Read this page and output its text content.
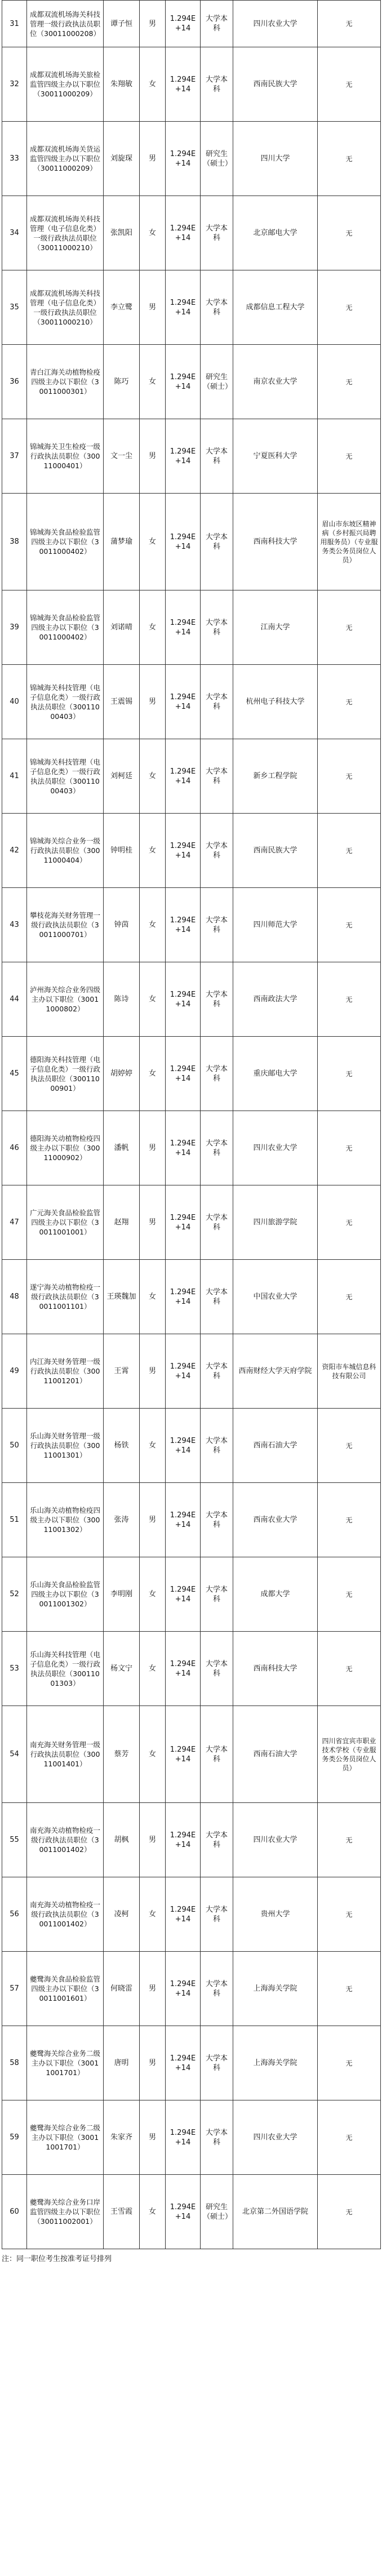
31	成都双流机场海关科技管理一级行政执法员职位（30011000208）	谭子恒	男	1.294E+14	大学本科	四川农业大学	无
32	成都双流机场海关旅检监管四级主办以下职位（30011000209）	朱翔敏	女	1.294E+14	大学本科	西南民族大学	无
33	成都双流机场海关货运监管四级主办以下职位（30011000209）	刘旋琛	男	1.294E+14	研究生（硕士）	四川大学	无
34	成都双流机场海关科技管理（电子信息化类）一级行政执法员职位（30011000210）	张凯阳	女	1.294E+14	大学本科	北京邮电大学	无
35	成都双流机场海关科技管理（电子信息化类）一级行政执法员职位（30011000210）	李立鹭	男	1.294E+14	大学本科	成都信息工程大学	无
36	青白江海关动植物检疫四级主办以下职位（30011000301）	陈巧	女	1.294E+14	研究生（硕士）	南京农业大学	无
37	锦城海关卫生检疫一级行政执法员职位（30011000401）	文一尘	男	1.294E+14	大学本科	宁夏医科大学	无
38	锦城海关食品检验监管四级主办以下职位（30011000402）	蒲梦瑜	女	1.294E+14	大学本科	西南科技大学	眉山市东坡区精神病（乡村振兴局聘用服务员）（专业服务类公务员岗位人员）
39	锦城海关食品检验监管四级主办以下职位（30011000402）	刘诺晴	女	1.294E+14	大学本科	江南大学	无
40	锦城海关科技管理（电子信息化类）一级行政执法员职位（30011000403）	王震锡	男	1.294E+14	大学本科	杭州电子科技大学	无
41	锦城海关科技管理（电子信息化类）一级行政执法员职位（30011000403）	刘柯廷	女	1.294E+14	大学本科	新乡工程学院	无
42	锦城海关综合业务一级行政执法员职位（30011000404）	钟明桂	女	1.294E+14	大学本科	西南民族大学	无
43	攀枝花海关财务管理一级行政执法员职位（30011000701）	钟茵	女	1.294E+14	大学本科	四川师范大学	无
44	泸州海关综合业务四级主办以下职位（30011000802）	陈诗	女	1.294E+14	大学本科	西南政法大学	无
45	德阳海关科技管理（电子信息化类）一级行政执法员职位（30011000901）	胡婷婷	女	1.294E+14	大学本科	重庆邮电大学	无
46	德阳海关动植物检疫四级主办以下职位（30011000902）	潘帆	男	1.294E+14	大学本科	四川农业大学	无
47	广元海关食品检验监管四级主办以下职位（30011001001）	赵翔	男	1.294E+14	大学本科	四川旅游学院	无
48	遂宁海关动植物检疫一级行政执法员职位（30011001101）	王瑛魏加	女	1.294E+14	大学本科	中国农业大学	无
49	内江海关财务管理一级行政执法员职位（30011001201）	王霄	男	1.294E+14	大学本科	西南财经大学天府学院	资阳市车城信息科技有限公司
50	乐山海关财务管理一级行政执法员职位（30011001301）	杨铁	女	1.294E+14	大学本科	西南石油大学	无
51	乐山海关动植物检疫四级主办以下职位（30011001302）	张涛	男	1.294E+14	大学本科	西南农业大学	无
52	乐山海关食品检验监管四级主办以下职位（30011001302）	李明刚	女	1.294E+14	大学本科	成都大学	无
53	乐山海关科技管理（电子信息化类）一级行政执法员职位（30011001303）	杨文宁	女	1.294E+14	大学本科	西南科技大学	无
54	南充海关财务管理一级行政执法员职位（30011001401）	蔡芳	女	1.294E+14	大学本科	西南石油大学	四川省宜宾市职业技术学校（专业服务类公务员岗位人员）
55	南充海关动植物检疫一级行政执法员职位（30011001402）	胡枫	男	1.294E+14	大学本科	四川农业大学	无
56	南充海关动植物检疫一级行政执法员职位（30011001402）	凌柯	女	1.294E+14	大学本科	贵州大学	无
57	夔鹭海关食品检验监管四级主办以下职位（30011001601）	何晓雷	男	1.294E+14	大学本科	上海海关学院	无
58	夔鹭海关综合业务二级主办以下职位（30011001701）	唐明	男	1.294E+14	大学本科	上海海关学院	无
59	夔鹭海关综合业务二级主办以下职位（30011001701）	朱家齐	男	1.294E+14	大学本科	四川农业大学	无
60	夔鹭海关综合业务口岸监管四级主办以下职位（30011002001）	王雪霞	女	1.294E+14	研究生（硕士）	北京第二外国语学院	无
注：同一职位考生按准考证号排列
